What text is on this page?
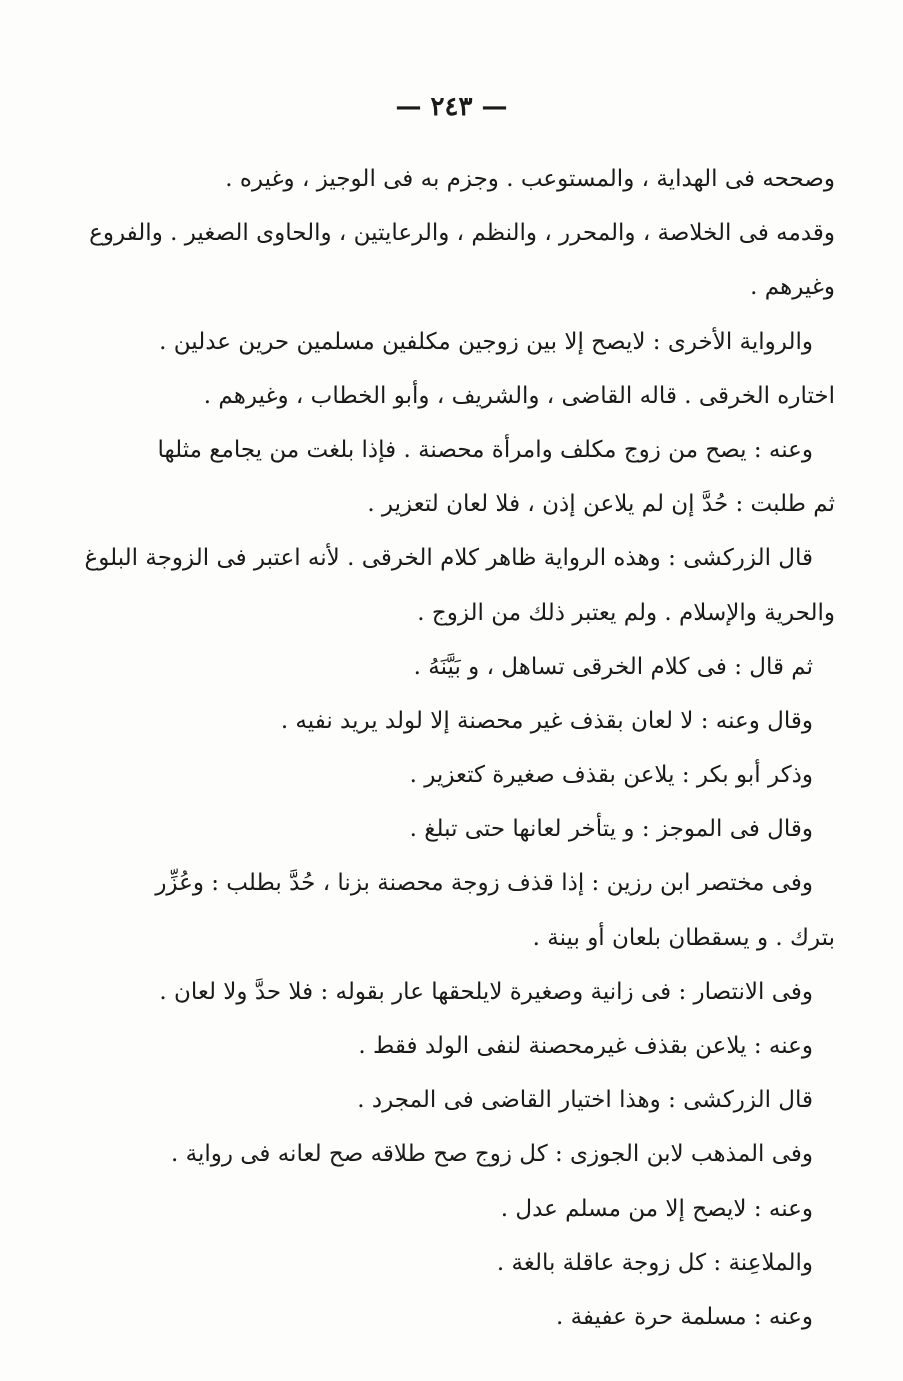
— ٢٤٣ —
وصححه فى الهداية ، والمستوعب . وجزم به فى الوجيز ، وغيره .
وقدمه فى الخلاصة ، والمحرر ، والنظم ، والرعايتين ، والحاوى الصغير . والفروع
وغيرهم .
والرواية الأخرى : لايصح إلا بين زوجين مكلفين مسلمين حرين عدلين .
اختاره الخرقى . قاله القاضى ، والشريف ، وأبو الخطاب ، وغيرهم .
وعنه : يصح من زوج مكلف وامرأة محصنة . فإذا بلغت من يجامع مثلها
ثم طلبت : حُدَّ إن لم يلاعن إذن ، فلا لعان لتعزير .
قال الزركشى : وهذه الرواية ظاهر كلام الخرقى . لأنه اعتبر فى الزوجة البلوغ
والحرية والإسلام . ولم يعتبر ذلك من الزوج .
ثم قال : فى كلام الخرقى تساهل ، و بَيَّنَهُ .
وقال وعنه : لا لعان بقذف غير محصنة إلا لولد يريد نفيه .
وذكر أبو بكر : يلاعن بقذف صغيرة كتعزير .
وقال فى الموجز : و يتأخر لعانها حتى تبلغ .
وفى مختصر ابن رزين : إذا قذف زوجة محصنة بزنا ، حُدَّ بطلب : وعُزِّر
بترك . و يسقطان بلعان أو بينة .
وفى الانتصار : فى زانية وصغيرة لايلحقها عار بقوله : فلا حدَّ ولا لعان .
وعنه : يلاعن بقذف غيرمحصنة لنفى الولد فقط .
قال الزركشى : وهذا اختيار القاضى فى المجرد .
وفى المذهب لابن الجوزى : كل زوج صح طلاقه صح لعانه فى رواية .
وعنه : لايصح إلا من مسلم عدل .
والملاعِنة : كل زوجة عاقلة بالغة .
وعنه : مسلمة حرة عفيفة .
